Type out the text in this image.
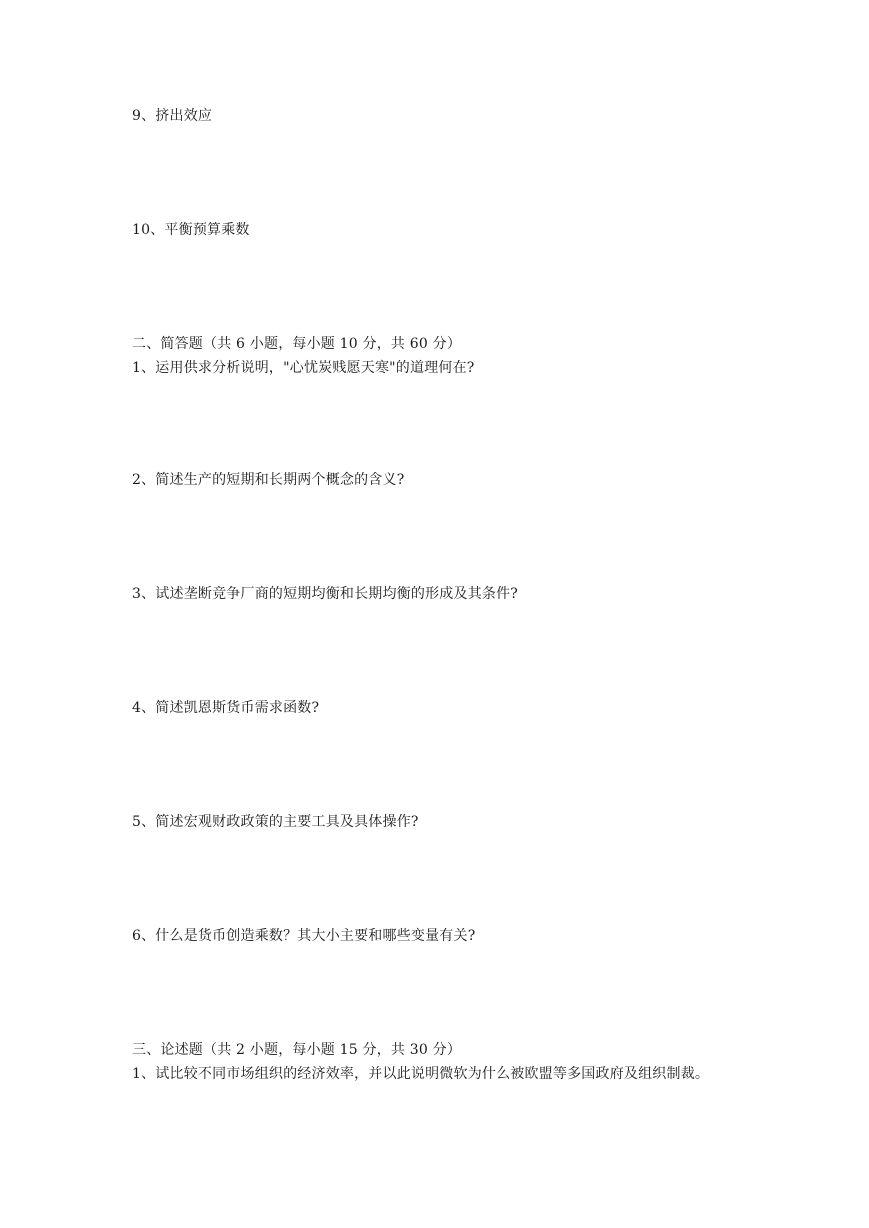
9、挤出效应
10、平衡预算乘数
二、简答题（共 6 小题，每小题 10 分，共 60 分）
1、运用供求分析说明，"心忧炭贱愿天寒"的道理何在?
2、简述生产的短期和长期两个概念的含义?
3、试述垄断竞争厂商的短期均衡和长期均衡的形成及其条件?
4、简述凯恩斯货币需求函数?
5、简述宏观财政政策的主要工具及具体操作?
6、什么是货币创造乘数？其大小主要和哪些变量有关?
三、论述题（共 2 小题，每小题 15 分，共 30 分）
1、试比较不同市场组织的经济效率，并以此说明微软为什么被欧盟等多国政府及组织制裁。
